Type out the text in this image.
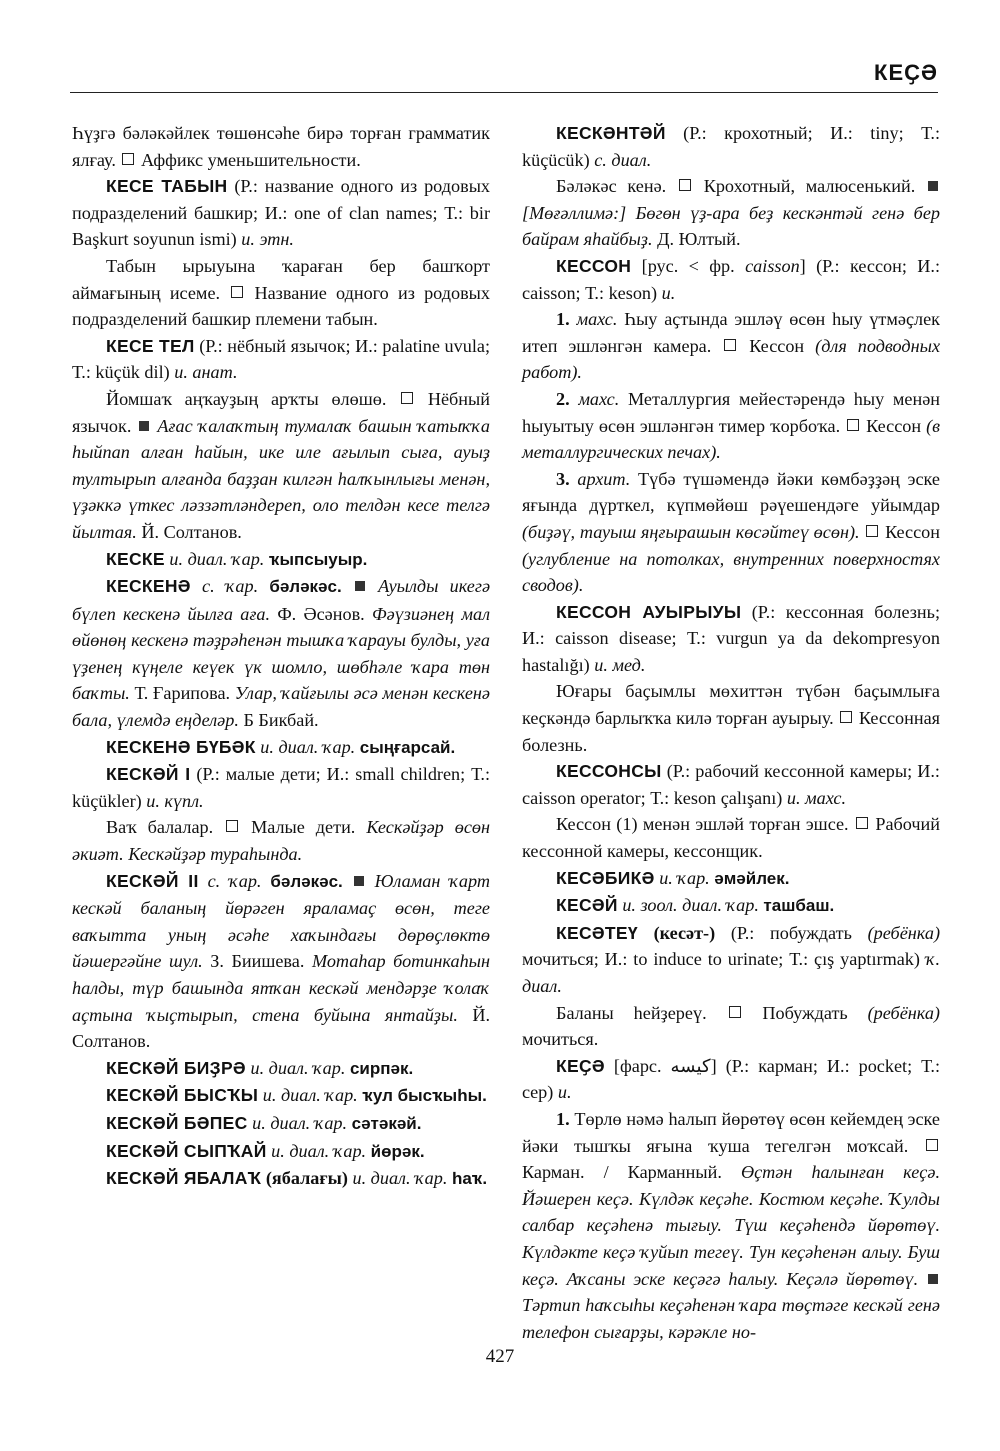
КЕҪӘ

Һүҙгә бәләкәйлек төшөнсәһе бирә торған грамматик ялғау. Аффикс уменьшительности.

КЕСЕ ТАБЫН (Р.: название одного из родовых подразделений башкир; И.: one of clan names; Т.: bir Başkurt soyunun ismi) и. этн.

Табын ырыуына ҡараған бер башҡорт аймағының исеме. Название одного из родовых подразделений башкир племени табын.

КЕСЕ ТЕЛ (Р.: нёбный язычок; И.: palatine uvula; Т.: küçük dil) и. анат.

Йомшаҡ аңҡауҙың арҡты өлөшө. Нёбный язычок. Ағас ҡалаҡтың тумалаҡ башын ҡатыҡҡа һыйпап алған һайын, ике иле ағылып сыға, ауыҙ тултырып алғанда баҙҙан килгән һалҡынлығы менән, үҙәккә үткес ләззәтләндереп, оло телдән кесе телгә йылтая. Й. Солтанов.

КЕСКЕ и. диал. ҡар. ҡыпсыуыр.

КЕСКЕНӘ с. ҡар. бәләкәс. Ауылды икегә бүлеп кескенә йылға аға. Ф. Әсәнов. Фәүзиәнең мал өйөнөң кескенә тәҙрәһенән тышҡа ҡарауы булды, уға үҙенең күңеле кеүек үк шомло, шөбһәле ҡара төн баҡты. Т. Ғарипова. Улар, ҡайғылы әсә менән кескенә бала, үлемдә еңделәр. Б Бикбай.

КЕСКЕНӘ БҮБӘК и. диал. ҡар. сыңғарсай.

КЕСКӘЙ I (Р.: малые дети; И.: small children; Т.: küçükler) и. күпл.

Ваҡ балалар. Малые дети. Кескәйҙәр өсөн әкиәт. Кескәйҙәр тураһында.

КЕСКӘЙ II с. ҡар. бәләкәс. Юламан ҡарт кескәй баланың йөрәген яраламаҫ өсөн, теге ваҡытта уның әсәһе хаҡындағы дөрөҫлөктө йәшергәйне шул. З. Биишева. Мотаһар ботинкаһын һалды, түр башында ятҡан кескәй мендәрҙе ҡолаҡ аҫтына ҡыҫтырып, стена буйына янтайҙы. Й. Солтанов.

КЕСКӘЙ БИҘРӘ и. диал. ҡар. сирпәк.

КЕСКӘЙ БЫСҠЫ и. диал. ҡар. ҡул бысҡыһы.

КЕСКӘЙ БӘПЕС и. диал. ҡар. сәтәкәй.

КЕСКӘЙ СЫПҠАЙ и. диал. ҡар. йөрәк.

КЕСКӘЙ ЯБАЛАҠ (ябалағы) и. диал. ҡар. һаҡ.

КЕСКӘНТӘЙ (Р.: крохотный; И.: tiny; Т.: küçücük) с. диал.

Бәләкәс кенә. Крохотный, малюсенький.  [Мөғәллимә:] Бөгөн үҙ-ара беҙ кескәнтәй генә бер байрам яһайбыҙ. Д. Юлтый.

КЕССОН [рус. < фр. caisson] (Р.: кессон; И.: caisson; Т.: keson) и.

1. махс. Һыу аҫтында эшләү өсөн һыу үтмәҫлек итеп эшләнгән камера. Кессон (для подводных работ).

2. махс. Металлургия мейестәрендә һыу менән һыуытыу өсөн эшләнгән тимер ҡорбоҡа. Кессон (в металлургических печах).

3. архит. Түбә түшәмендә йәки көмбәҙҙәң эске яғында дүрткел, күпмөйөш рәүешендәге уйымдар (биҙәү, тауыш яңғырашын көсәйтеү өсөн). Кессон (углубление на потолках, внутренних поверхностях сводов).

КЕССОН АУЫРЫУЫ (Р.: кессонная болезнь; И.: caisson disease; Т.: vurgun ya da dekompresyon hastalığı) и. мед.

Юғары баҫымлы мөхиттән түбән баҫымлыға кеҫкәндә барлыҡҡа килә торған ауырыу. Кессонная болезнь.

КЕССОНСЫ (Р.: рабочий кессонной камеры; И.: caisson operator; Т.: keson çalışanı) и. махс.

Кессон (1) менән эшләй торған эшсе. Рабочий кессонной камеры, кессонщик.

КЕСӘБИКӘ и. ҡар. әмәйлек.

КЕСӘЙ и. зоол. диал. ҡар. ташбаш.

КЕСӘТЕҮ (кесәт-) (Р.: побуждать (ребёнка) мочиться; И.: to induce to urinate; Т.: çış yaptırmak) ҡ. диал.

Баланы һейҙереү.	Побуждать (ребёнка) мочиться.

КЕҪӘ [фарс. كيسه] (Р.: карман; И.: pocket; Т.: cep) и.

1. Төрлө нәмә һалып йөрөтөү өсөн кейемдең эске йәки тышҡы яғына ҡуша тегелгән моҡсай.  Карман. / Карманный. Өҫтән һалынған кеҫә. Йәшерен кеҫә. Күлдәк кеҫәһе. Костюм кеҫәһе. Ҡулды салбар кеҫәһенә тығыу. Түш кеҫәһендә йөрөтөү. Күлдәкте кеҫә ҡуйып тегеү. Тун кеҫәһенән алыу. Буш кеҫә. Аҡсаны эске кеҫәгә һалыу. Кеҫәлә йөрөтөү.  Тәртип һаҡсыһы кеҫәһенән ҡара төҫтәге кескәй генә телефон сығарҙы, кәрәкле но-

427
